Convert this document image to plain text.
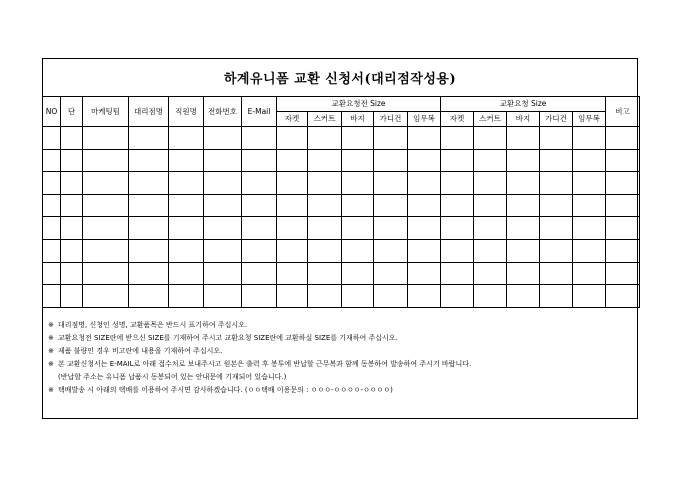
하계유니폼 교환 신청서(대리점작성용)
NO	단	마케팅팀	대리점명	직원명	전화번호	E-Mail	교환요청전 Size					교환요청 Size					비고
							자켓	스커트	바지	가디건	임무복	자켓	스커트	바지	가디건	임무복	

※ 대리점명, 신청인 성명, 교환품목은 반드시 표기하여 주십시오.
※ 교환요청전 SIZE란에 받으신 SIZE를 기재하여 주시고 교환요청 SIZE란에 교환하실 SIZE를 기재하여 주십시오.
※ 제품 불량인 경우 비고란에 내용을 기재하여 주십시오.
※ 본 교환신청서는 E-MAIL로 아래 접수처로 보내주시고 원본은 출력 후 봉투에 반납할 근무복과 함께 동봉하여 발송하여 주시기 바랍니다.
(반납할 주소는 유니폼 납품시 동봉되어 있는 안내문에 기재되어 있습니다.)
※ 택배발송 시 아래의 택배를 이용하여 주시면 감사하겠습니다. (ㅇㅇ택배 이용문의 : ㅇㅇㅇ-ㅇㅇㅇㅇ-ㅇㅇㅇㅇ)
